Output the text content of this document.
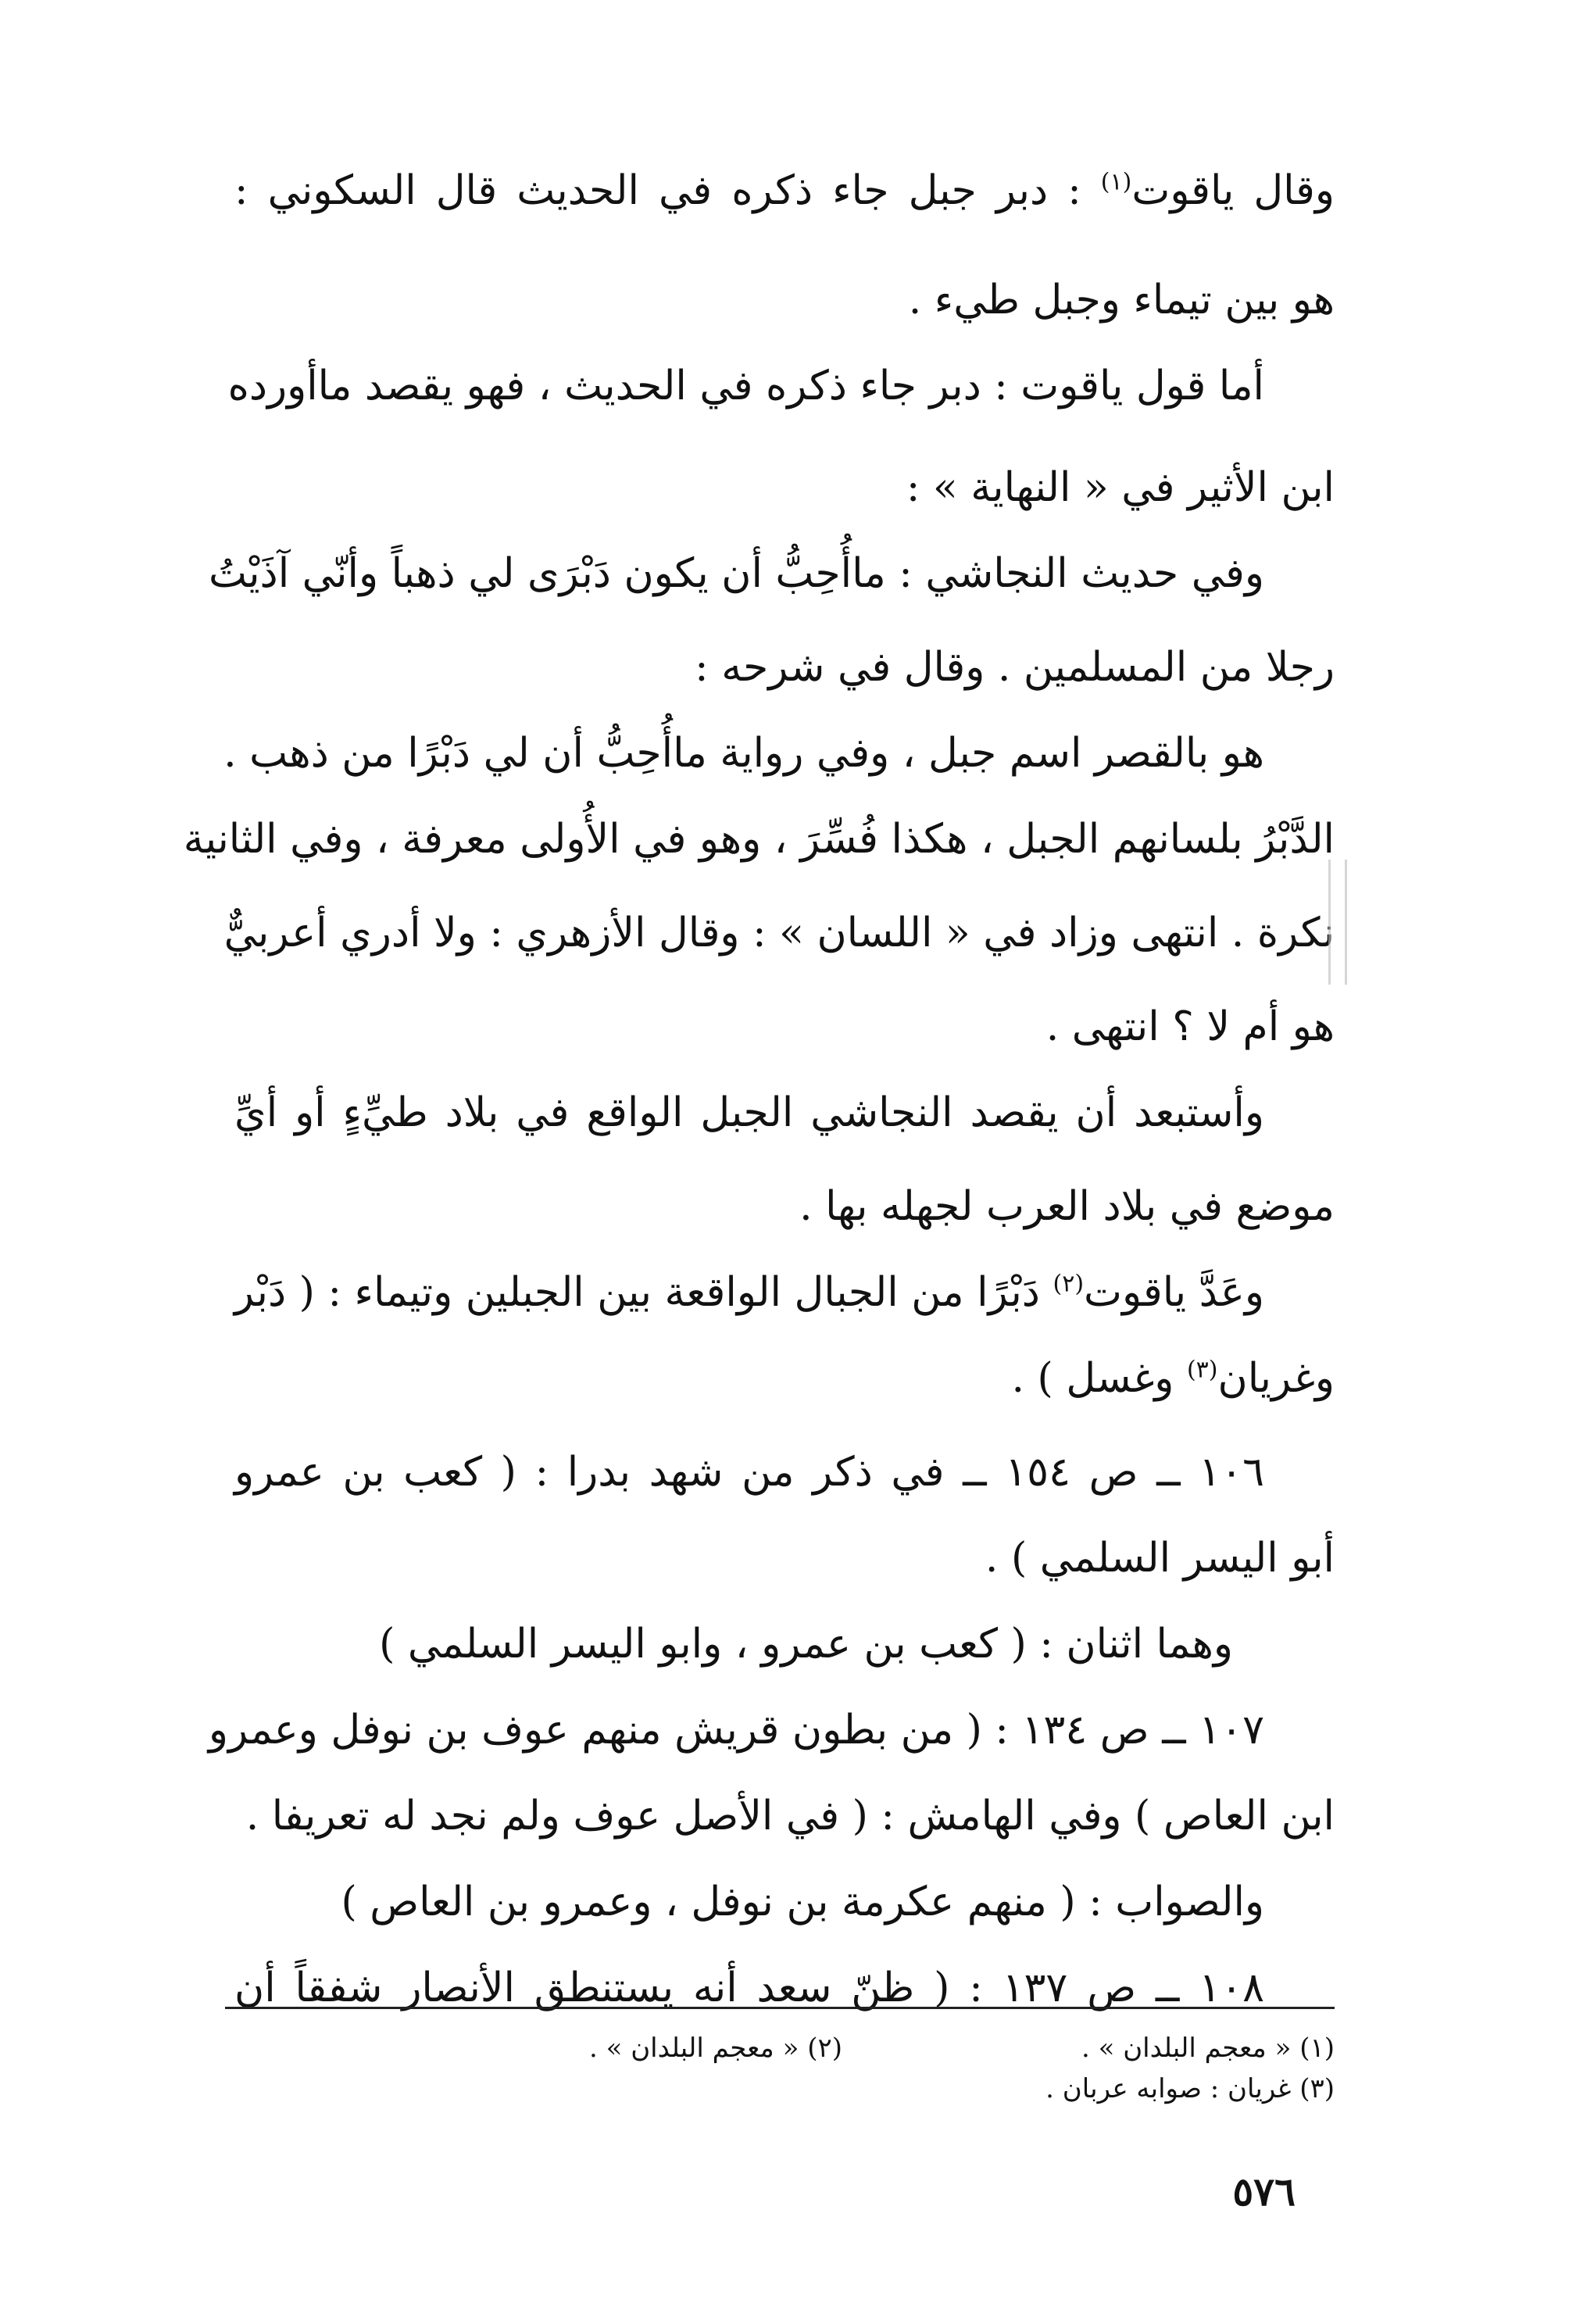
وقال ياقوت$^{(١)}$ : دبر جبل جاء ذكره في الحديث قال السكوني :
هو بين تيماء وجبل طيء .
أما قول ياقوت : دبر جاء ذكره في الحديث ، فهو يقصد ماأورده
ابن الأثير في « النهاية » :
وفي حديث النجاشي : ماأُحِبُّ أن يكون دَبْرَى لي ذهباً وأنّي آذَيْتُ
رجلا من المسلمين . وقال في شرحه :
هو بالقصر اسم جبل ، وفي رواية ماأُحِبُّ أن لي دَبْرًا من ذهب .
الدَّبْرُ بلسانهم الجبل ، هكذا فُسِّرَ ، وهو في الأُولى معرفة ، وفي الثانية
نكرة . انتهى وزاد في « اللسان » : وقال الأزهري : ولا أدري أعربيٌّ
هو أم لا ؟ انتهى .
وأستبعد أن يقصد النجاشي الجبل الواقع في بلاد طيِّءٍ أو أيِّ
موضع في بلاد العرب لجهله بها .
وعَدَّ ياقوت$^{(٢)}$ دَبْرًا من الجبال الواقعة بين الجبلين وتيماء : ( دَبْر
وغريان$^{(٣)}$ وغسل ) .
١٠٦ ــ ص ١٥٤ ــ في ذكر من شهد بدرا : ( كعب بن عمرو
أبو اليسر السلمي ) .
وهما اثنان : ( كعب بن عمرو ، وابو اليسر السلمي )
١٠٧ ــ ص ١٣٤ : ( من بطون قريش منهم عوف بن نوفل وعمرو
ابن العاص ) وفي الهامش : ( في الأصل عوف ولم نجد له تعريفا .
والصواب : ( منهم عكرمة بن نوفل ، وعمرو بن العاص )
١٠٨ ــ ص ١٣٧ : ( ظنّ سعد أنه يستنطق الأنصار شفقاً أن
(١) « معجم البلدان » .
(٢) « معجم البلدان » .
(٣) غريان : صوابه عربان .
٥٧٦
